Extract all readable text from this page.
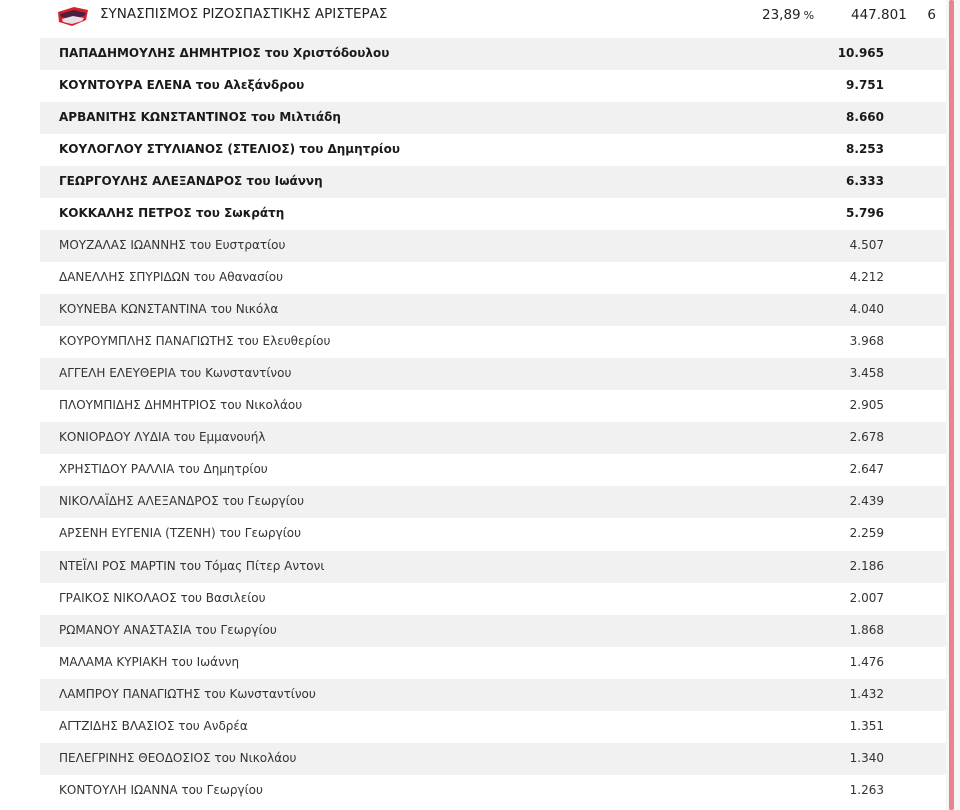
ΣΥΝΑΣΠΙΣΜΟΣ ΡΙΖΟΣΠΑΣΤΙΚΗΣ ΑΡΙΣΤΕΡΑΣ	23,89 %	447.801	6
ΠΑΠΑΔΗΜΟΥΛΗΣ ΔΗΜΗΤΡΙΟΣ του Χριστόδουλου	10.965
ΚΟΥΝΤΟΥΡΑ ΕΛΕΝΑ του Αλεξάνδρου	9.751
ΑΡΒΑΝΙΤΗΣ ΚΩΝΣΤΑΝΤΙΝΟΣ του Μιλτιάδη	8.660
ΚΟΥΛΟΓΛΟΥ ΣΤΥΛΙΑΝΟΣ (ΣΤΕΛΙΟΣ) του Δημητρίου	8.253
ΓΕΩΡΓΟΥΛΗΣ ΑΛΕΞΑΝΔΡΟΣ του Ιωάννη	6.333
ΚΟΚΚΑΛΗΣ ΠΕΤΡΟΣ του Σωκράτη	5.796
ΜΟΥΖΑΛΑΣ ΙΩΑΝΝΗΣ του Ευστρατίου	4.507
ΔΑΝΕΛΛΗΣ ΣΠΥΡΙΔΩΝ του Αθανασίου	4.212
ΚΟΥΝΕΒΑ ΚΩΝΣΤΑΝΤΙΝΑ του Νικόλα	4.040
ΚΟΥΡΟΥΜΠΛΗΣ ΠΑΝΑΓΙΩΤΗΣ του Ελευθερίου	3.968
ΑΓΓΕΛΗ ΕΛΕΥΘΕΡΙΑ του Κωνσταντίνου	3.458
ΠΛΟΥΜΠΙΔΗΣ ΔΗΜΗΤΡΙΟΣ του Νικολάου	2.905
ΚΟΝΙΟΡΔΟΥ ΛΥΔΙΑ του Εμμανουήλ	2.678
ΧΡΗΣΤΙΔΟΥ ΡΑΛΛΙΑ του Δημητρίου	2.647
ΝΙΚΟΛΑΪΔΗΣ ΑΛΕΞΑΝΔΡΟΣ του Γεωργίου	2.439
ΑΡΣΕΝΗ ΕΥΓΕΝΙΑ (ΤΖΕΝΗ) του Γεωργίου	2.259
ΝΤΕΪΛΙ ΡΟΣ ΜΑΡΤΙΝ του Τόμας Πίτερ Αντονι	2.186
ΓΡΑΙΚΟΣ ΝΙΚΟΛΑΟΣ του Βασιλείου	2.007
ΡΩΜΑΝΟΥ ΑΝΑΣΤΑΣΙΑ του Γεωργίου	1.868
ΜΑΛΑΜΑ ΚΥΡΙΑΚΗ του Ιωάννη	1.476
ΛΑΜΠΡΟΥ ΠΑΝΑΓΙΩΤΗΣ του Κωνσταντίνου	1.432
ΑΓΤΖΙΔΗΣ ΒΛΑΣΙΟΣ του Ανδρέα	1.351
ΠΕΛΕΓΡΙΝΗΣ ΘΕΟΔΟΣΙΟΣ του Νικολάου	1.340
ΚΟΝΤΟΥΛΗ ΙΩΑΝΝΑ του Γεωργίου	1.263
